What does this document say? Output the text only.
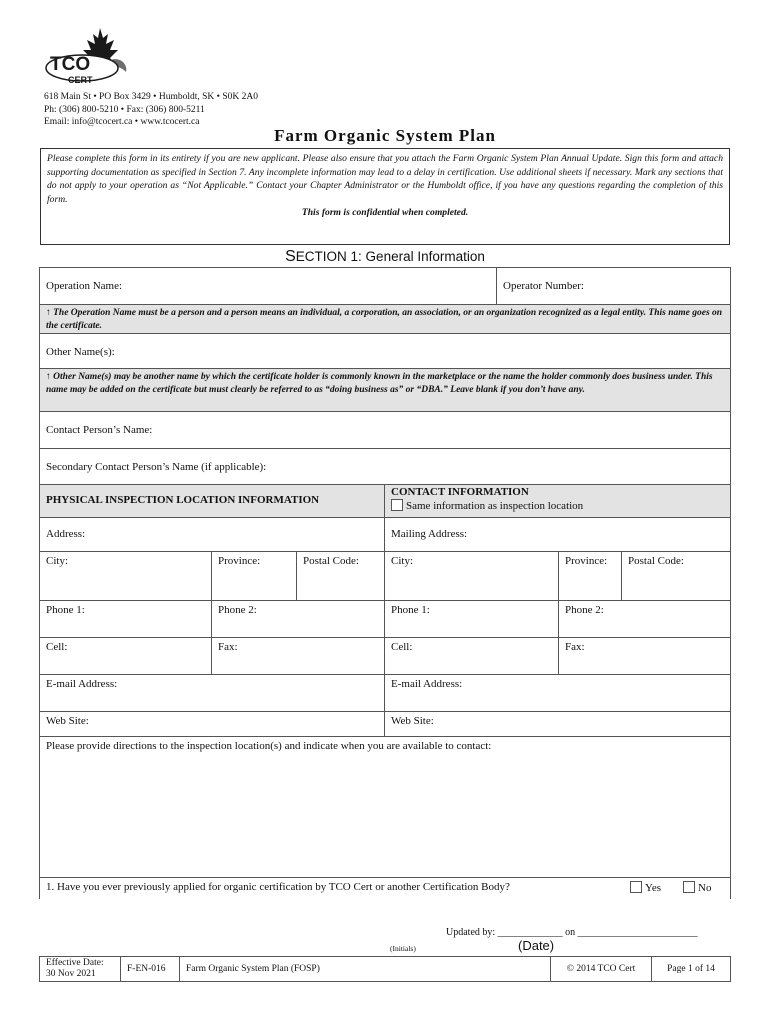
TCO
CERT
618 Main St • PO Box 3429 • Humboldt, SK • S0K 2A0
Ph: (306) 800-5210 • Fax: (306) 800-5211
Email: info@tcocert.ca • www.tcocert.ca
Farm Organic System Plan
Please complete this form in its entirety if you are new applicant. Please also ensure that you attach the Farm Organic System Plan Annual Update. Sign this form and attach supporting documentation as specified in Section 7. Any incomplete information may lead to a delay in certification. Use additional sheets if necessary. Mark any sections that do not apply to your operation as “Not Applicable.” Contact your Chapter Administrator or the Humboldt office, if you have any questions regarding the completion of this form.
This form is confidential when completed.
SECTION 1: General Information
Operation Name:	Operator Number:
↑ The Operation Name must be a person and a person means an individual, a corporation, an association, or an organization recognized as a legal entity. This name goes on the certificate.
Other Name(s):
↑ Other Name(s) may be another name by which the certificate holder is commonly known in the marketplace or the name the holder commonly does business under. This name may be added on the certificate but must clearly be referred to as “doing business as” or “DBA.” Leave blank if you don’t have any.
Contact Person’s Name:
Secondary Contact Person’s Name (if applicable):
PHYSICAL INSPECTION LOCATION INFORMATION
CONTACT INFORMATION
Same information as inspection location
Address:	Mailing Address:
City:	Province:	Postal Code:	City:	Province:	Postal Code:
Phone 1:	Phone 2:	Phone 1:	Phone 2:
Cell:	Fax:	Cell:	Fax:
E-mail Address:	E-mail Address:
Web Site:	Web Site:
Please provide directions to the inspection location(s) and indicate when you are available to contact:
1. Have you ever previously applied for organic certification by TCO Cert or another Certification Body?	Yes	No
Updated by: _____________ on ________________________
(Initials)	(Date)
Effective Date:
30 Nov 2021
F-EN-016	Farm Organic System Plan (FOSP)	© 2014 TCO Cert	Page 1 of 14
